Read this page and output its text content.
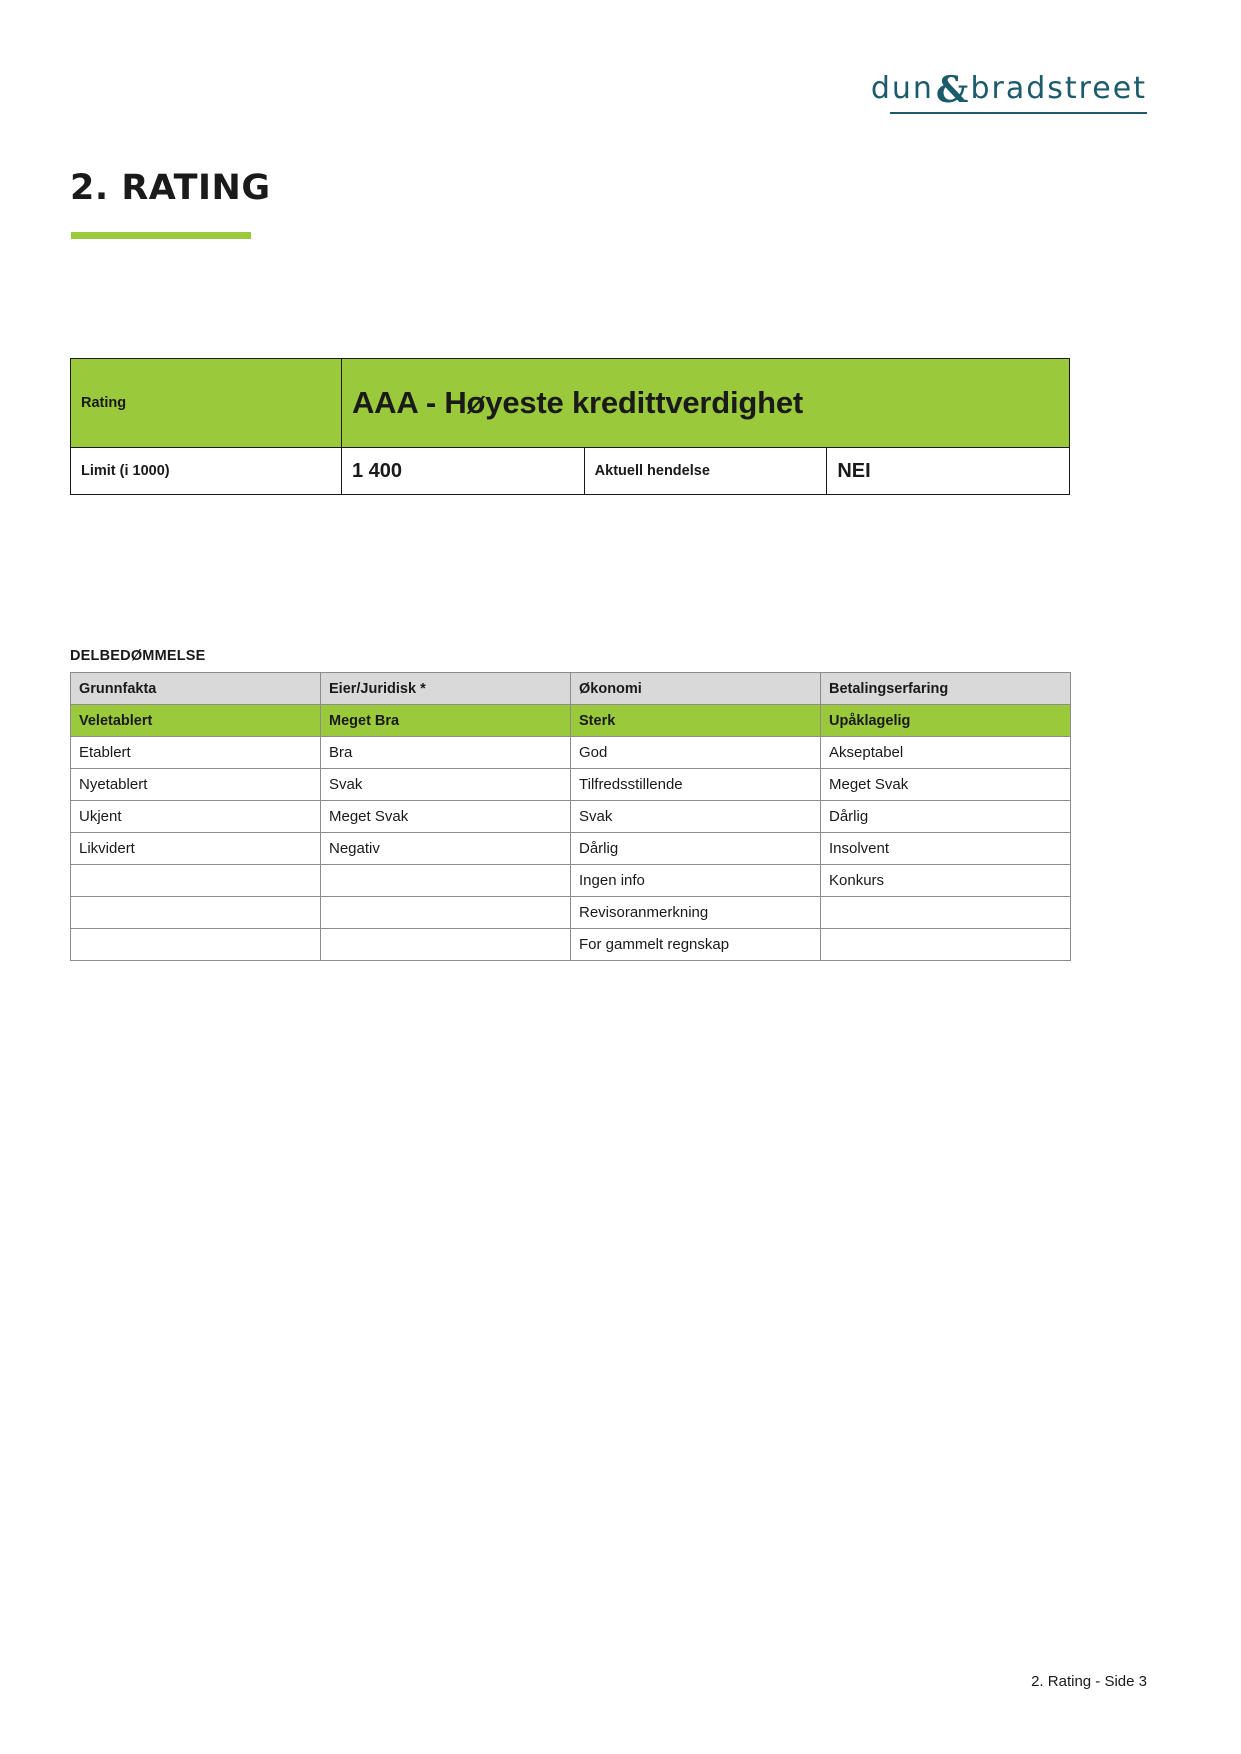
dun & bradstreet
2. RATING
Rating	AAA - Høyeste kredittverdighet		
Limit (i 1000)	1 400	Aktuell hendelse	NEI
DELBEDØMMELSE
Grunnfakta	Eier/Juridisk *	Økonomi	Betalingserfaring
Veletablert	Meget Bra	Sterk	Upåklagelig
Etablert	Bra	God	Akseptabel
Nyetablert	Svak	Tilfredsstillende	Meget Svak
Ukjent	Meget Svak	Svak	Dårlig
Likvidert	Negativ	Dårlig	Insolvent
		Ingen info	Konkurs
		Revisoranmerkning	
		For gammelt regnskap	
2. Rating - Side 3
